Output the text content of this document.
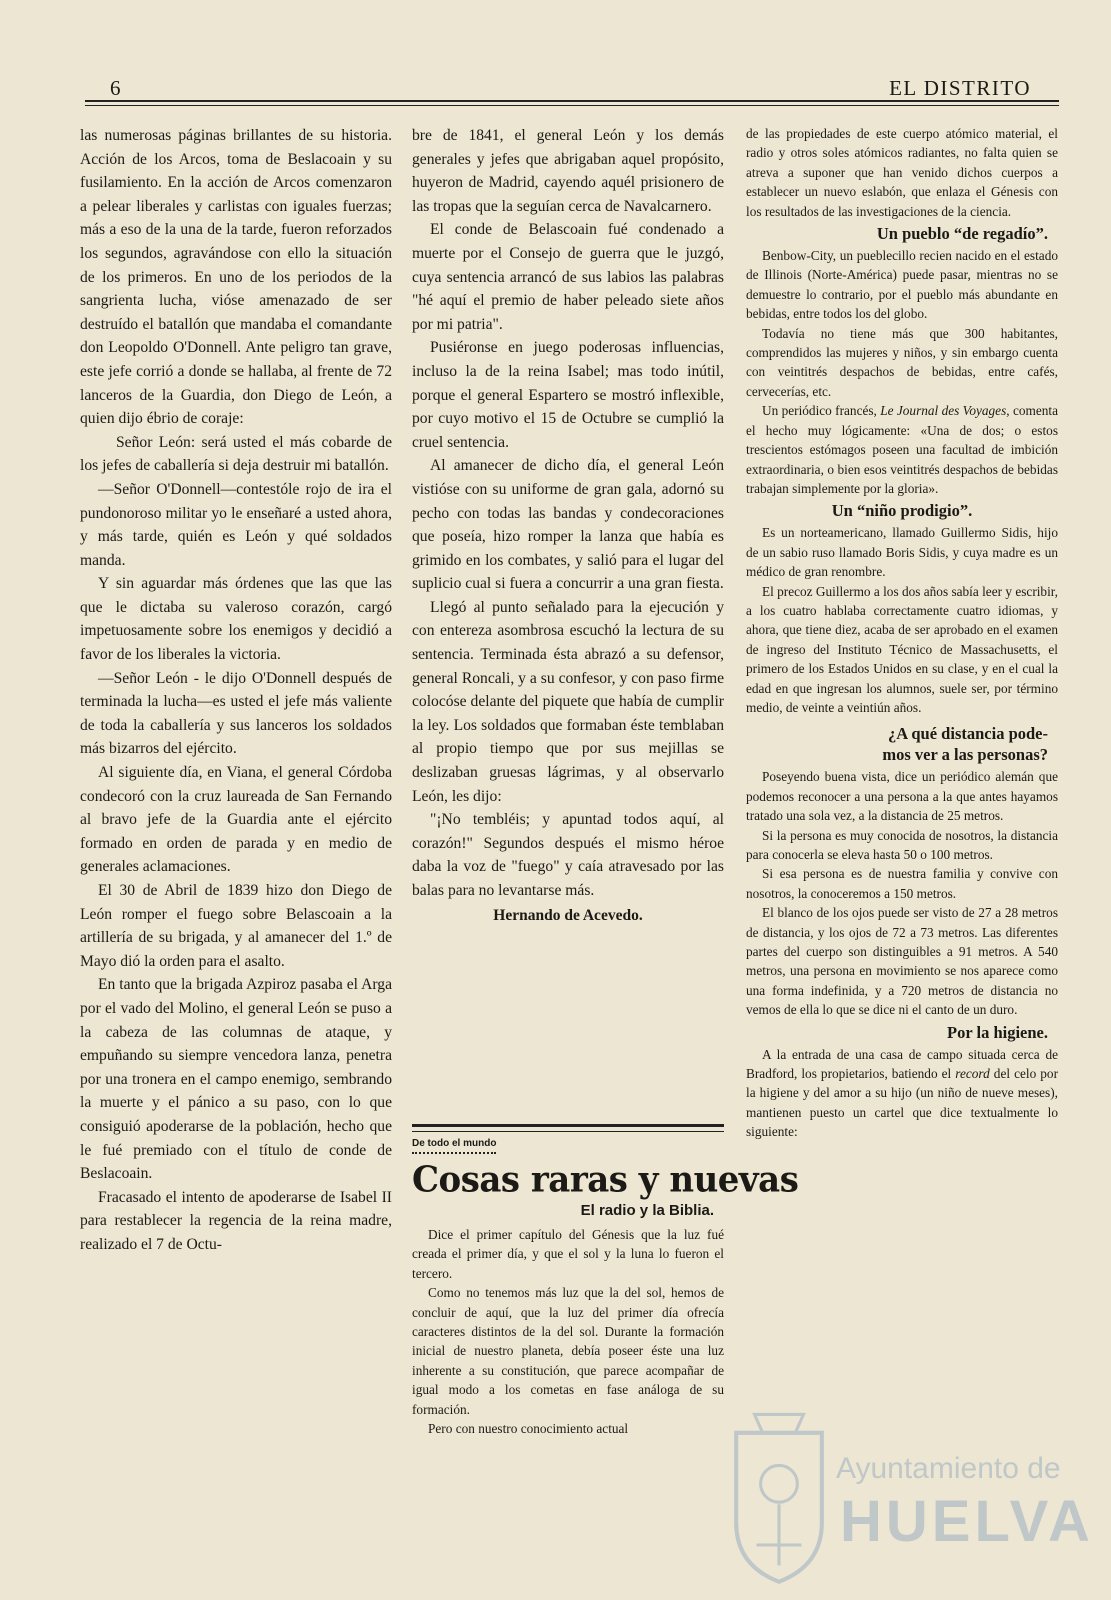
6	EL DISTRITO

las numerosas páginas brillantes de su historia. Acción de los Arcos, toma de Beslacoain y su fusilamiento. En la acción de Arcos comenzaron a pelear liberales y carlistas con iguales fuerzas; más a eso de la una de la tarde, fueron reforzados los segundos, agravándose con ello la situación de los primeros. En uno de los periodos de la sangrienta lucha, vióse amenazado de ser destruído el batallón que mandaba el comandante don Leopoldo O'Donnell. Ante peligro tan grave, este jefe corrió a donde se hallaba, al frente de 72 lanceros de la Guardia, don Diego de León, a quien dijo ébrio de coraje:

Señor León: será usted el más cobarde de los jefes de caballería si deja destruir mi batallón.

—Señor O'Donnell—contestóle rojo de ira el pundonoroso militar yo le enseñaré a usted ahora, y más tarde, quién es León y qué soldados manda.

Y sin aguardar más órdenes que las que las que le dictaba su valeroso corazón, cargó impetuosamente sobre los enemigos y decidió a favor de los liberales la victoria.

—Señor León - le dijo O'Donnell después de terminada la lucha—es usted el jefe más valiente de toda la caballería y sus lanceros los soldados más bizarros del ejército.

Al siguiente día, en Viana, el general Córdoba condecoró con la cruz laureada de San Fernando al bravo jefe de la Guardia ante el ejército formado en orden de parada y en medio de generales aclamaciones.

El 30 de Abril de 1839 hizo don Diego de León romper el fuego sobre Belascoain a la artillería de su brigada, y al amanecer del 1.º de Mayo dió la orden para el asalto.

En tanto que la brigada Azpiroz pasaba el Arga por el vado del Molino, el general León se puso a la cabeza de las columnas de ataque, y empuñando su siempre vencedora lanza, penetra por una tronera en el campo enemigo, sembrando la muerte y el pánico a su paso, con lo que consiguió apoderarse de la población, hecho que le fué premiado con el título de conde de Beslacoain.

Fracasado el intento de apoderarse de Isabel II para restablecer la regencia de la reina madre, realizado el 7 de Octu-

bre de 1841, el general León y los demás generales y jefes que abrigaban aquel propósito, huyeron de Madrid, cayendo aquél prisionero de las tropas que la seguían cerca de Navalcarnero.

El conde de Belascoain fué condenado a muerte por el Consejo de guerra que le juzgó, cuya sentencia arrancó de sus labios las palabras "hé aquí el premio de haber peleado siete años por mi patria".

Pusiéronse en juego poderosas influencias, incluso la de la reina Isabel; mas todo inútil, porque el general Espartero se mostró inflexible, por cuyo motivo el 15 de Octubre se cumplió la cruel sentencia.

Al amanecer de dicho día, el general León vistióse con su uniforme de gran gala, adornó su pecho con todas las bandas y condecoraciones que poseía, hizo romper la lanza que había es grimido en los combates, y salió para el lugar del suplicio cual si fuera a concurrir a una gran fiesta.

Llegó al punto señalado para la ejecución y con entereza asombrosa escuchó la lectura de su sentencia. Terminada ésta abrazó a su defensor, general Roncali, y a su confesor, y con paso firme colocóse delante del piquete que había de cumplir la ley. Los soldados que formaban éste temblaban al propio tiempo que por sus mejillas se deslizaban gruesas lágrimas, y al observarlo León, les dijo:

"¡No tembléis; y apuntad todos aquí, al corazón!" Segundos después el mismo héroe daba la voz de "fuego" y caía atravesado por las balas para no levantarse más.

Hernando de Acevedo.
De todo el mundo
Cosas raras y nuevas
El radio y la Biblia.

Dice el primer capítulo del Génesis que la luz fué creada el primer día, y que el sol y la luna lo fueron el tercero.

Como no tenemos más luz que la del sol, hemos de concluir de aquí, que la luz del primer día ofrecía caracteres distintos de la del sol. Durante la formación inicial de nuestro planeta, debía poseer éste una luz inherente a su constitución, que parece acompañar de igual modo a los cometas en fase análoga de su formación.

Pero con nuestro conocimiento actual

de las propiedades de este cuerpo atómico material, el radio y otros soles atómicos radiantes, no falta quien se atreva a suponer que han venido dichos cuerpos a establecer un nuevo eslabón, que enlaza el Génesis con los resultados de las investigaciones de la ciencia.

Un pueblo “de regadío”.

Benbow-City, un pueblecillo recien nacido en el estado de Illinois (Norte-América) puede pasar, mientras no se demuestre lo contrario, por el pueblo más abundante en bebidas, entre todos los del globo.

Todavía no tiene más que 300 habitantes, comprendidos las mujeres y niños, y sin embargo cuenta con veintitrés despachos de bebidas, entre cafés, cervecerías, etc.

Un periódico francés, Le Journal des Voyages, comenta el hecho muy lógicamente: «Una de dos; o estos trescientos estómagos poseen una facultad de imbición extraordinaria, o bien esos veintitrés despachos de bebidas trabajan simplemente por la gloria».

Un “niño prodigio”.

Es un norteamericano, llamado Guillermo Sidis, hijo de un sabio ruso llamado Boris Sidis, y cuya madre es un médico de gran renombre.

El precoz Guillermo a los dos años sabía leer y escribir, a los cuatro hablaba correctamente cuatro idiomas, y ahora, que tiene diez, acaba de ser aprobado en el examen de ingreso del Instituto Técnico de Massachusetts, el primero de los Estados Unidos en su clase, y en el cual la edad en que ingresan los alumnos, suele ser, por término medio, de veinte a veintiún años.

¿A qué distancia pode-
mos ver a las personas?

Poseyendo buena vista, dice un periódico alemán que podemos reconocer a una persona a la que antes hayamos tratado una sola vez, a la distancia de 25 metros.

Si la persona es muy conocida de nosotros, la distancia para conocerla se eleva hasta 50 o 100 metros.

Si esa persona es de nuestra familia y convive con nosotros, la conoceremos a 150 metros.

El blanco de los ojos puede ser visto de 27 a 28 metros de distancia, y los ojos de 72 a 73 metros. Las diferentes partes del cuerpo son distinguibles a 91 metros. A 540 metros, una persona en movimiento se nos aparece como una forma indefinida, y a 720 metros de distancia no vemos de ella lo que se dice ni el canto de un duro.

Por la higiene.

A la entrada de una casa de campo situada cerca de Bradford, los propietarios, batiendo el record del celo por la higiene y del amor a su hijo (un niño de nueve meses), mantienen puesto un cartel que dice textualmente lo siguiente:

Ayuntamiento de
HUELVA
